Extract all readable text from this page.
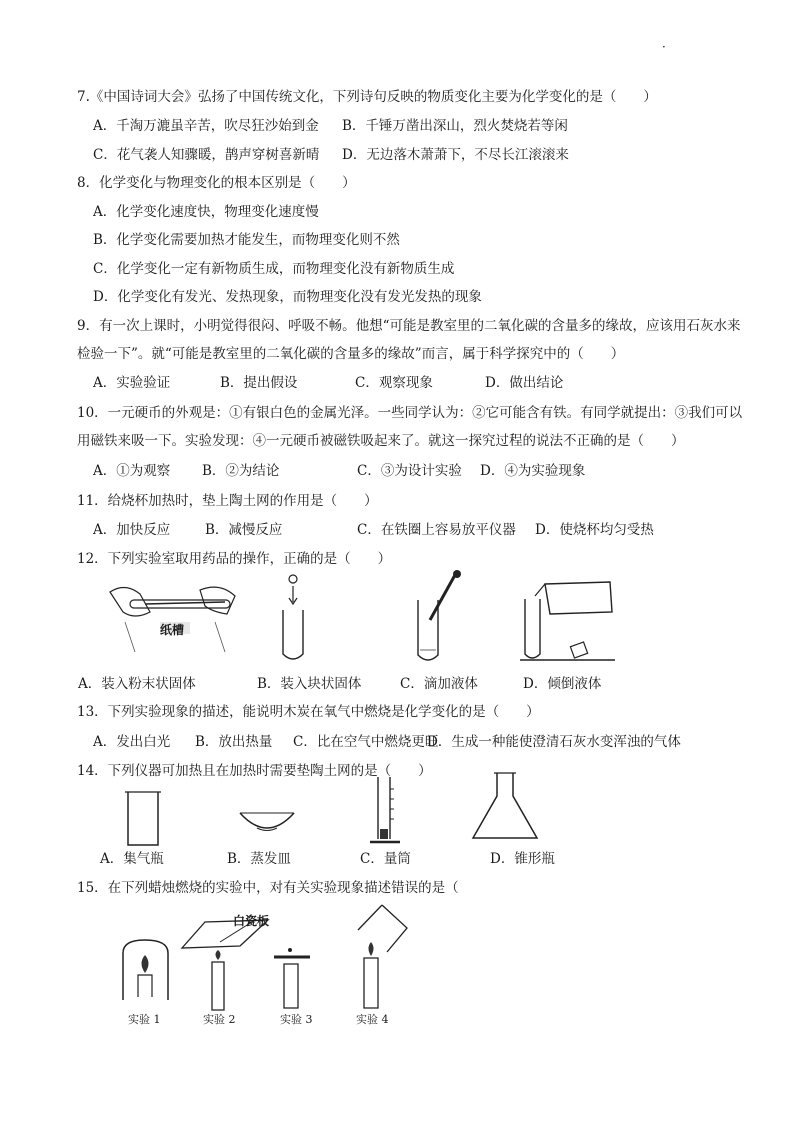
·
7.《中国诗词大会》弘扬了中国传统文化，下列诗句反映的物质变化主要为化学变化的是（　　）
A．千淘万漉虽辛苦，吹尽狂沙始到金 B．千锤万凿出深山，烈火焚烧若等闲
C．花气袭人知骤暖，鹊声穿树喜新晴 D．无边落木萧萧下，不尽长江滚滚来
8．化学变化与物理变化的根本区别是（　　）
A．化学变化速度快，物理变化速度慢
B．化学变化需要加热才能发生，而物理变化则不然
C．化学变化一定有新物质生成，而物理变化没有新物质生成
D．化学变化有发光、发热现象，而物理变化没有发光发热的现象
9．有一次上课时，小明觉得很闷、呼吸不畅。他想“可能是教室里的二氧化碳的含量多的缘故，应该用石灰水来
检验一下”。就“可能是教室里的二氧化碳的含量多的缘故”而言，属于科学探究中的（　　）
A．实验验证	B．提出假设	C．观察现象	D．做出结论
10．一元硬币的外观是：①有银白色的金属光泽。一些同学认为：②它可能含有铁。有同学就提出：③我们可以
用磁铁来吸一下。实验发现：④一元硬币被磁铁吸起来了。就这一探究过程的说法不正确的是（　　）
A．①为观察 B．②为结论	C．③为设计实验 D．④为实验现象
11．给烧杯加热时，垫上陶土网的作用是（　　）
A．加快反应	B．减慢反应	C．在铁圈上容易放平仪器 D．使烧杯均匀受热
12．下列实验室取用药品的操作，正确的是（　　）
纸槽
A．装入粉末状固体	B．装入块状固体	C．滴加液体	D．倾倒液体
13．下列实验现象的描述，能说明木炭在氧气中燃烧是化学变化的是（　　）
A．发出白光 B．放出热量 C．比在空气中燃烧更旺
D．生成一种能使澄清石灰水变浑浊的气体
14．下列仪器可加热且在加热时需要垫陶土网的是（　　）
A．集气瓶	B．蒸发皿	C．量筒	D．锥形瓶
15．在下列蜡烛燃烧的实验中，对有关实验现象描述错误的是（
白瓷板
实验 1	实验 2	实验 3	实验 4
